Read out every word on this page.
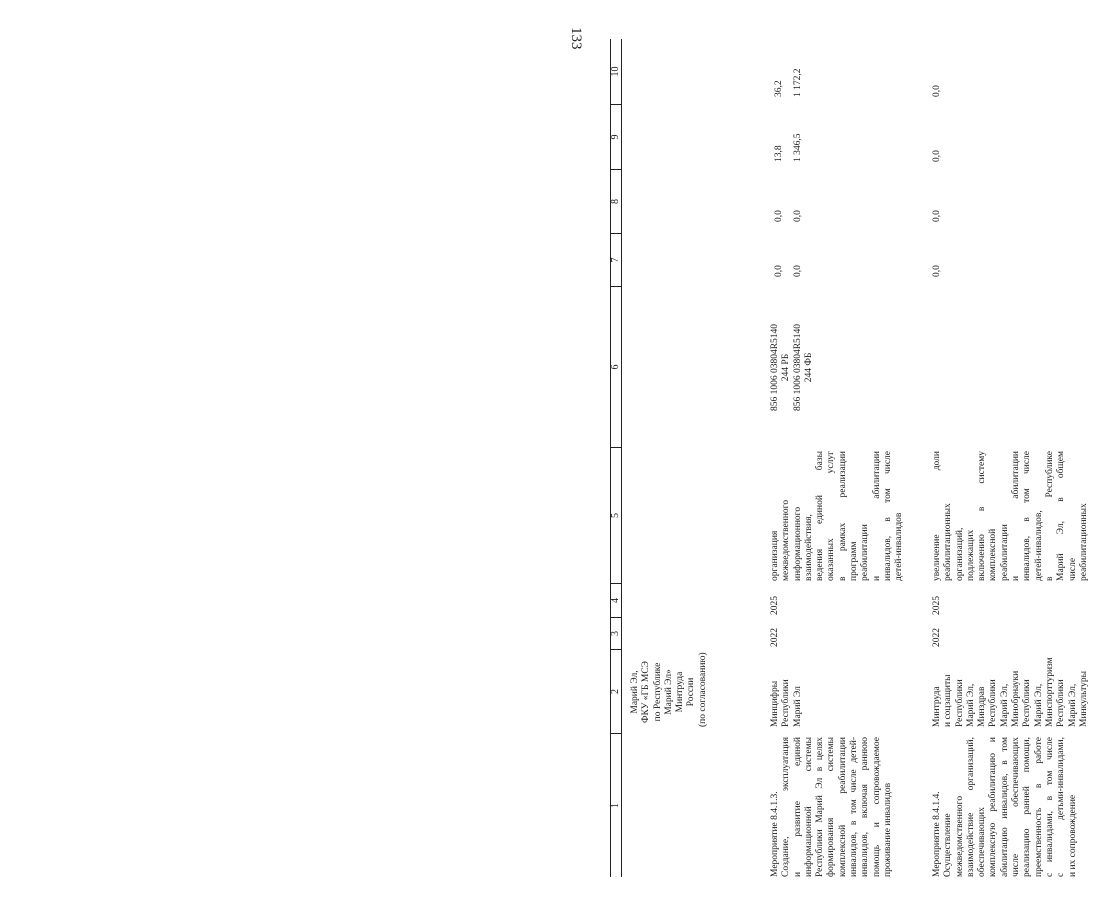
133
1
2
3
4
5
6
7
8
9
10
Марий Эл, ФКУ «ГБ МСЭ по Республике Марий Эл» Минтруда России (по согласованию)
Мероприятие 8.4.1.3. Создание, эксплуатация и развитие единой информационной системы Республики Марий Эл в целях формирования системы комплексной реабилитации инвалидов, в том числе детей- инвалидов, включая раннюю помощь и сопровождаемое проживание инвалидов
Минцифры Республики Марий Эл
2022
2025
организация межведомственного информационного взаимодействия, ведения единой базы оказанных услуг в рамках реализации программ реабилитации и абилитации инвалидов, в том числе детей-инвалидов
856 1006 03804R5140 244 РБ 856 1006 03804R5140 244 ФБ
0,0 0,0
0,0 0,0
13,8 1 346,5
36,2 1 172,2
Мероприятие 8.4.1.4. Осуществление межведомственного взаимодействие организаций, обеспечивающих комплексную реабилитацию и абилитацию инвалидов, в том числе обеспечивающих реализацию ранней помощи, преемственность в работе с инвалидами, в том числе с детьми-инвалидами, и их сопровождение
Минтруда и соцзащиты Республики Марий Эл, Минздрав Республики Марий Эл, Минобрнауки Республики Марий Эл, Минспорттуризм Республики Марий Эл, Минкультуры
2022
2025
увеличение доли реабилитационных организаций, подлежащих включению в систему комплексной реабилитации и абилитации инвалидов, в том числе детей-инвалидов, в Республике Марий Эл, в общем числе реабилитационных
0,0
0,0
0,0
0,0
